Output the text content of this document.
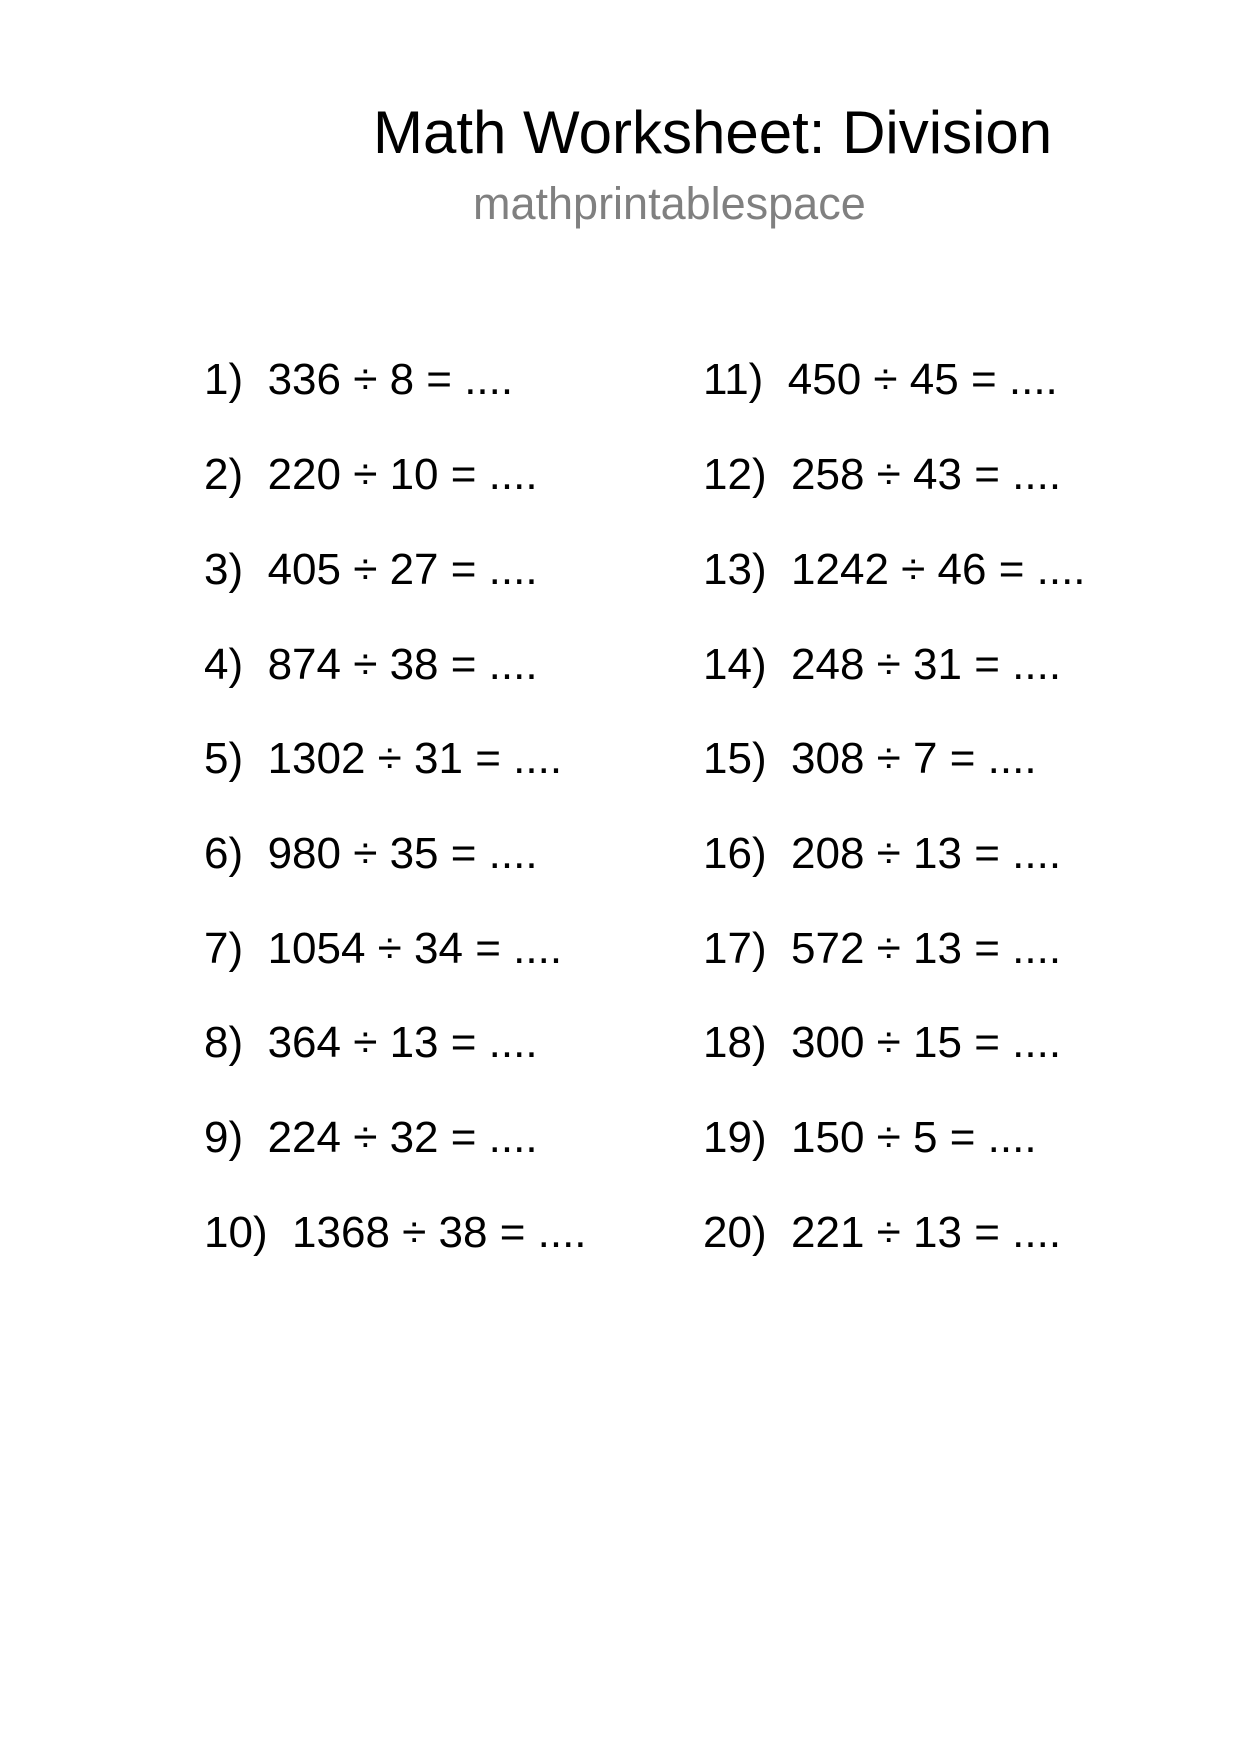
Math Worksheet: Division
mathprintablespace
1) 336 ÷ 8 = ....
2) 220 ÷ 10 = ....
3) 405 ÷ 27 = ....
4) 874 ÷ 38 = ....
5) 1302 ÷ 31 = ....
6) 980 ÷ 35 = ....
7) 1054 ÷ 34 = ....
8) 364 ÷ 13 = ....
9) 224 ÷ 32 = ....
10) 1368 ÷ 38 = ....
11) 450 ÷ 45 = ....
12) 258 ÷ 43 = ....
13) 1242 ÷ 46 = ....
14) 248 ÷ 31 = ....
15) 308 ÷ 7 = ....
16) 208 ÷ 13 = ....
17) 572 ÷ 13 = ....
18) 300 ÷ 15 = ....
19) 150 ÷ 5 = ....
20) 221 ÷ 13 = ....
